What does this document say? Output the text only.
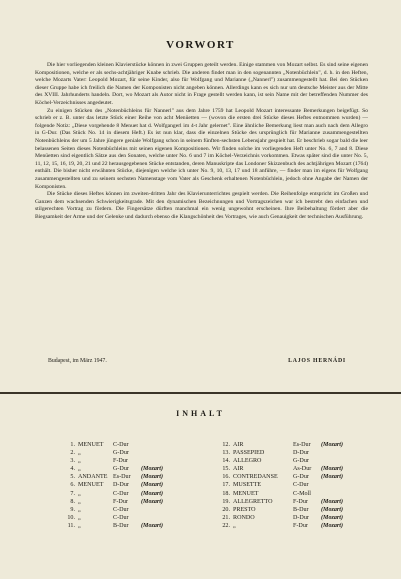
VORWORT

Die hier vorliegenden kleinen Klavierstücke können in zwei Gruppen geteilt werden. Einige stammen von Mozart selbst. Es sind seine eigenen Kompositionen, welche er als sechs-achtjähriger Knabe schrieb. Die anderen findet man in den sogenannten „Notenbüchlein", d. h. in den Heften, welche Mozarts Vater: Leopold Mozart, für seine Kinder, also für Wolfgang und Marianne („Nannerl") zusammengestellt hat. Bei den Stücken dieser Gruppe habe ich freilich die Namen der Komponisten nicht angeben können. Allerdings kann es sich nur um deutsche Meister aus der Mitte des XVIII. Jahrhunderts handeln. Dort, wo Mozart als Autor nicht in Frage gestellt werden kann, ist sein Name mit der betreffenden Nummer des Köchel-Verzeichnisses angedeutet.

Zu einigen Stücken des „Notenbüchleins für Nannerl" aus dem Jahre 1759 hat Leopold Mozart interessante Bemerkungen beigefügt. So schrieb er z. B. unter das letzte Stück einer Reihe von acht Menüetten — (wovon die ersten drei Stücke dieses Heftes entnommen wurden) — folgende Notiz: „Diese vorgehende 8 Menuet hat d. Wolfgangerl im 4-t Jahr gelernet". Eine ähnliche Bemerkung liest man auch nach dem Allegro in G-Dur. (Das Stück No. 14 in diesem Heft.) Es ist nun klar, dass die einzelnen Stücke des ursprünglich für Marianne zusammengestellten Notenbüchleins der um 5 Jahre jüngere geniale Wolfgang schon in seinem fünften-sechsten Lebensjahr gespielt hat. Er beschrieb sogar bald die leer belassenen Seiten dieses Notenbüchleins mit seinen eigenen Kompositionen. Wir finden solche im vorliegenden Heft unter No. 6, 7 and 8. Diese Menüetten sind eigentlich Sätze aus den Sonaten, welche unter No. 6 und 7 im Köchel-Verzeichnis vorkommen. Etwas später sind die unter No. 5, 11, 12, 15, 16, 19, 20, 21 und 22 herausgegebenen Stücke entstanden, deren Manuskripte das Londoner Skizzenbuch des achtjährigen Mozart (1764) enthält. Die bisher nicht erwähnten Stücke, diejenigen welche ich unter No. 9, 10, 13, 17 und 18 anführe, — finder man im eigens für Wolfgang zusammengestellten und zu seinem sechsten Namenstage vom Vater als Geschenk erhaltenen Notenbüchlein, jedoch ohne Angabe der Namen der Komponisten.

Die Stücke dieses Heftes können im zweiten-dritten Jahr des Klavierunterrichtes gespielt werden. Die Reihenfolge entspricht im Großen und Ganzen dem wachsenden Schwierigkeitsgrade. Mit den dynamischen Bezeichnungen und Vortragszeichen war ich bestrebt den einfachen und stilgerechten Vortrag zu fördern. Die Fingersätze dürften manchmal ein wenig ungewohnt erscheinen. Ihre Beibehaltung fördert aber die Biegsamkeit der Arme und der Gelenke und dadurch ebenso die Klangschönheit des Vortrages, wie auch Genauigkeit der technischen Ausführung.

Budapest, im März 1947.	LAJOS HERNÁDI
INHALT
1. MENUET	C-Dur
2. „	G-Dur
3. „	F-Dur
4. „	G-Dur	(Mozart)
5. ANDANTE Es-Dur	(Mozart)
6. MENUET	D-Dur	(Mozart)
7. „	C-Dur	(Mozart)
8. „	F-Dur	(Mozart)
9. „	C-Dur
10. „	C-Dur
11. „	B-Dur	(Mozart)
12. AIR	Es-Dur	(Mozart)
13. PASSEPIED	D-Dur
14. ALLEGRO	G-Dur
15. AIR	As-Dur	(Mozart)
16. CONTREDANSE	G-Dur	(Mozart)
17. MUSETTE	C-Dur
18. MENUET	C-Moll
19. ALLEGRETTO	F-Dur	(Mozart)
20. PRESTO	B-Dur	(Mozart)
21. RONDO	D-Dur	(Mozart)
22. „	F-Dur	(Mozart)
